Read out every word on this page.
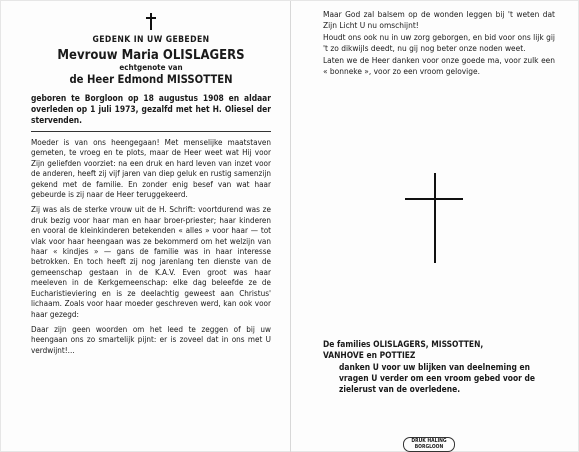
GEDENK IN UW GEBEDEN
Mevrouw Maria OLISLAGERS
echtgenote van
de Heer Edmond MISSOTTEN
geboren te Borgloon op 18 augustus 1908 en aldaar overleden op 1 juli 1973, gezalfd met het H. Oliesel der stervenden.
Moeder is van ons heengegaan! Met menselijke maatstaven gemeten, te vroeg en te plots, maar de Heer weet wat Hij voor Zijn geliefden voorziet: na een druk en hard leven van inzet voor de anderen, heeft zij vijf jaren van diep geluk en rustig samenzijn gekend met de familie. En zonder enig besef van wat haar gebeurde is zij naar de Heer teruggekeerd.
Zij was als de sterke vrouw uit de H. Schrift: voortdurend was ze druk bezig voor haar man en haar broer-priester; haar kinderen en vooral de kleinkinderen betekenden « alles » voor haar — tot vlak voor haar heengaan was ze bekommerd om het welzijn van haar « kindjes » — gans de familie was in haar interesse betrokken. En toch heeft zij nog jarenlang ten dienste van de gemeenschap gestaan in de K.A.V. Even groot was haar meeleven in de Kerkgemeenschap: elke dag beleefde ze de Eucharistieviering en is ze deelachtig geweest aan Christus' lichaam. Zoals voor haar moeder geschreven werd, kan ook voor haar gezegd:
Daar zijn geen woorden om het leed te zeggen of bij uw heengaan ons zo smartelijk pijnt: er is zoveel dat in ons met U verdwijnt!...
Maar God zal balsem op de wonden leggen bij 't weten dat Zijn Licht U nu omschijnt!
Houdt ons ook nu in uw zorg geborgen, en bid voor ons lijk gij 't zo dikwijls deedt, nu gij nog beter onze noden weet.
Laten we de Heer danken voor onze goede ma, voor zulk een « bonneke », voor zo een vroom gelovige.
De families OLISLAGERS, MISSOTTEN,
VANHOVE en POTTIEZ
danken U voor uw blijken van deelneming en vragen U verder om een vroom gebed voor de zielerust van de overledene.
DRUK HALING
BORGLOON
